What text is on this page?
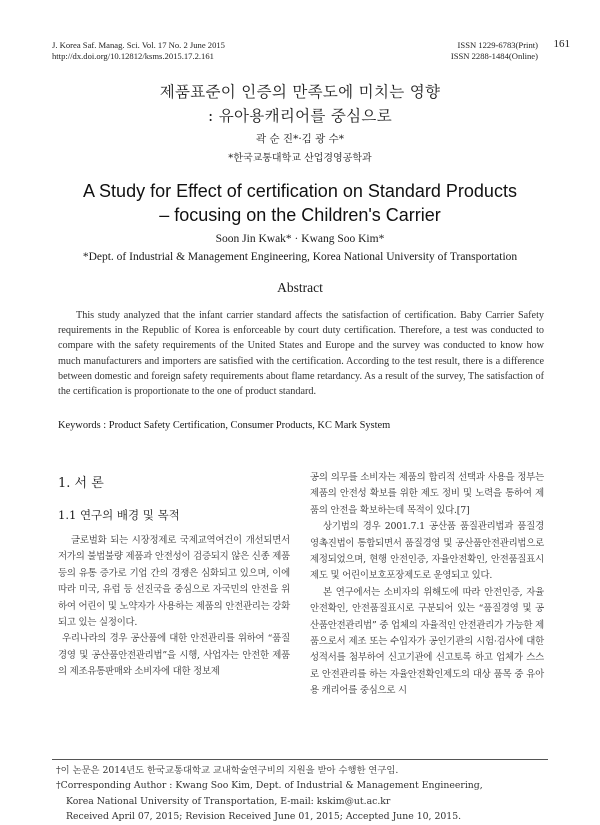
J. Korea Saf. Manag. Sci. Vol. 17 No. 2 June 2015
http://dx.doi.org/10.12812/ksms.2015.17.2.161
ISSN 1229-6783(Print)
ISSN 2288-1484(Online)
161
제품표준이 인증의 만족도에 미치는 영향
: 유아용캐리어를 중심으로
곽 순 진*·김 광 수*
*한국교통대학교 산업경영공학과
A Study for Effect of certification on Standard Products
– focusing on the Children's Carrier
Soon Jin Kwak* · Kwang Soo Kim*
*Dept. of Industrial & Management Engineering, Korea National University of Transportation
Abstract

This study analyzed that the infant carrier standard affects the satisfaction of certification. Baby Carrier Safety requirements in the Republic of Korea is enforceable by court duty certification. Therefore, a test was conducted to compare with the safety requirements of the United States and Europe and the survey was conducted to know how much manufacturers and importers are satisfied with the certification. According to the test result, there is a difference between domestic and foreign safety requirements about flame retardancy. As a result of the survey, The satisfaction of the certification is proportionate to the one of product standard.

Keywords : Product Safety Certification, Consumer Products, KC Mark System
1. 서 론
1.1 연구의 배경 및 목적

글로벌화 되는 시장정제로 국제교역여건이 개선되면서 저가의 불법불량 제품과 안전성이 검증되지 않은 신종 제품 등의 유통 증가로 기업 간의 경쟁은 심화되고 있으며, 이에 따라 미국, 유럽 등 선진국을 중심으로 자국민의 안전을 위하여 어린이 및 노약자가 사용하는 제품의 안전관리는 강화되고 있는 실정이다.

우리나라의 경우 공산품에 대한 안전관리를 위하여 “품질경영 및 공산품안전관리법”을 시행, 사업자는 안전한 제품의 제조유통판매와 소비자에 대한 정보제

공의 의무를 소비자는 제품의 합리적 선택과 사용을 정부는 제품의 안전성 확보를 위한 제도 정비 및 노력을 통하여 제품의 안전을 확보하는데 목적이 있다.[7]

상기법의 경우 2001.7.1 공산품 품질관리법과 품질경영촉진법이 통합되면서 품질경영 및 공산품안전관리법으로 제정되었으며, 현행 안전인증, 자율안전확인, 안전품질표시제도 및 어린이보호포장제도로 운영되고 있다.

본 연구에서는 소비자의 위해도에 따라 안전인증, 자율안전확인, 안전품질표시로 구분되어 있는 “품질경영 및 공산품안전관리법” 중 업체의 자율적인 안전관리가 가능한 제품으로서 제조 또는 수입자가 공인기관의 시험·검사에 대한 성적서를 첨부하여 신고기관에 신고토록 하고 업체가 스스로 안전관리를 하는 자율안전확인제도의 대상 품목 중 유아용 캐리어를 중심으로 시

†이 논문은 2014년도 한국교통대학교 교내학술연구비의 지원을 받아 수행한 연구임.
†Corresponding Author : Kwang Soo Kim, Dept. of Industrial & Management Engineering,
Korea National University of Transportation, E-mail: kskim@ut.ac.kr
Received April 07, 2015; Revision Received June 01, 2015; Accepted June 10, 2015.
